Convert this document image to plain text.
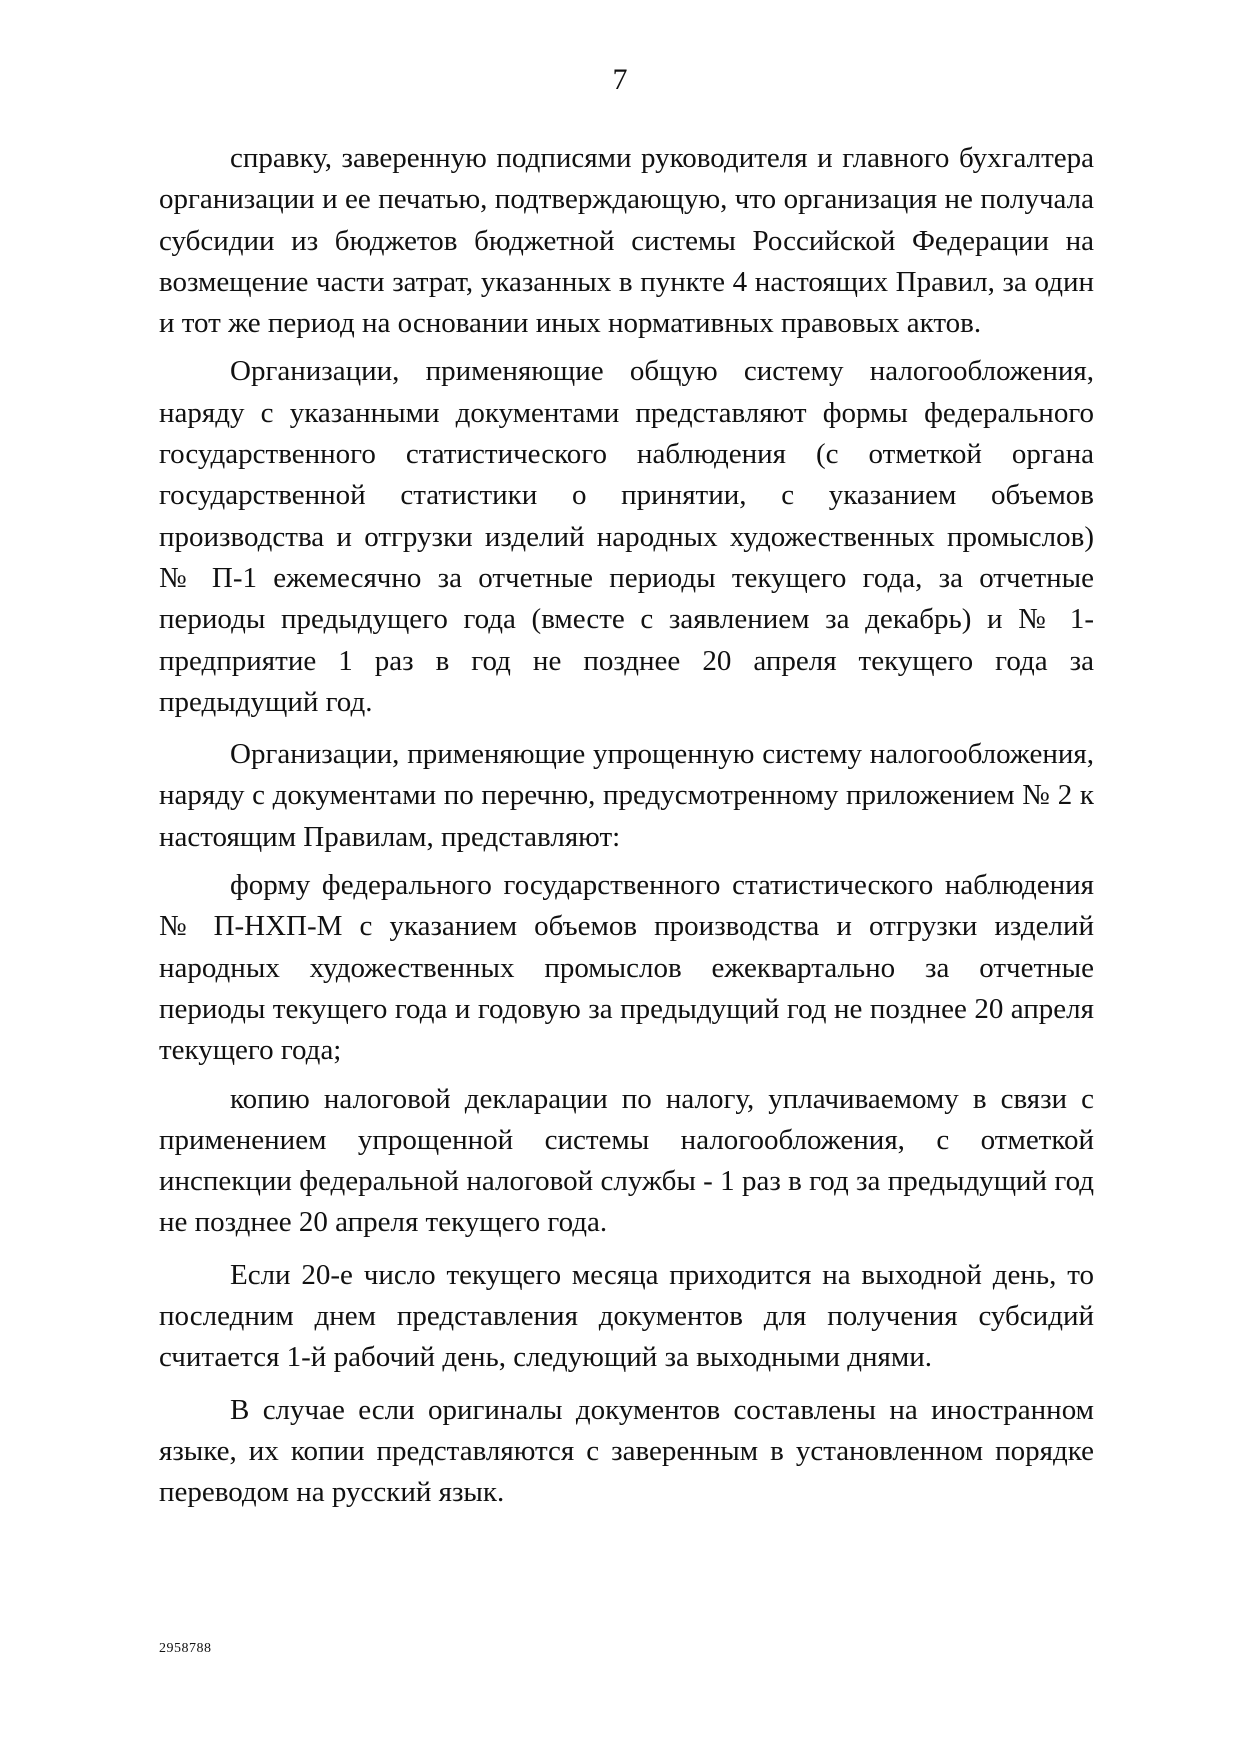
7

справку, заверенную подписями руководителя и главного бухгалтера организации и ее печатью, подтверждающую, что организация не получала субсидии из бюджетов бюджетной системы Российской Федерации на возмещение части затрат, указанных в пункте 4 настоящих Правил, за один и тот же период на основании иных нормативных правовых актов.

Организации, применяющие общую систему налогообложения, наряду с указанными документами представляют формы федерального государственного статистического наблюдения (с отметкой органа государственной статистики о принятии, с указанием объемов производства и отгрузки изделий народных художественных промыслов) № П-1 ежемесячно за отчетные периоды текущего года, за отчетные периоды предыдущего года (вместе с заявлением за декабрь) и № 1-предприятие 1 раз в год не позднее 20 апреля текущего года за предыдущий год.

Организации, применяющие упрощенную систему налогообложения, наряду с документами по перечню, предусмотренному приложением № 2 к настоящим Правилам, представляют:

форму федерального государственного статистического наблюдения № П-НХП-М с указанием объемов производства и отгрузки изделий народных художественных промыслов ежеквартально за отчетные периоды текущего года и годовую за предыдущий год не позднее 20 апреля текущего года;

копию налоговой декларации по налогу, уплачиваемому в связи с применением упрощенной системы налогообложения, с отметкой инспекции федеральной налоговой службы - 1 раз в год за предыдущий год не позднее 20 апреля текущего года.

Если 20-е число текущего месяца приходится на выходной день, то последним днем представления документов для получения субсидий считается 1-й рабочий день, следующий за выходными днями.

В случае если оригиналы документов составлены на иностранном языке, их копии представляются с заверенным в установленном порядке переводом на русский язык.

2958788
